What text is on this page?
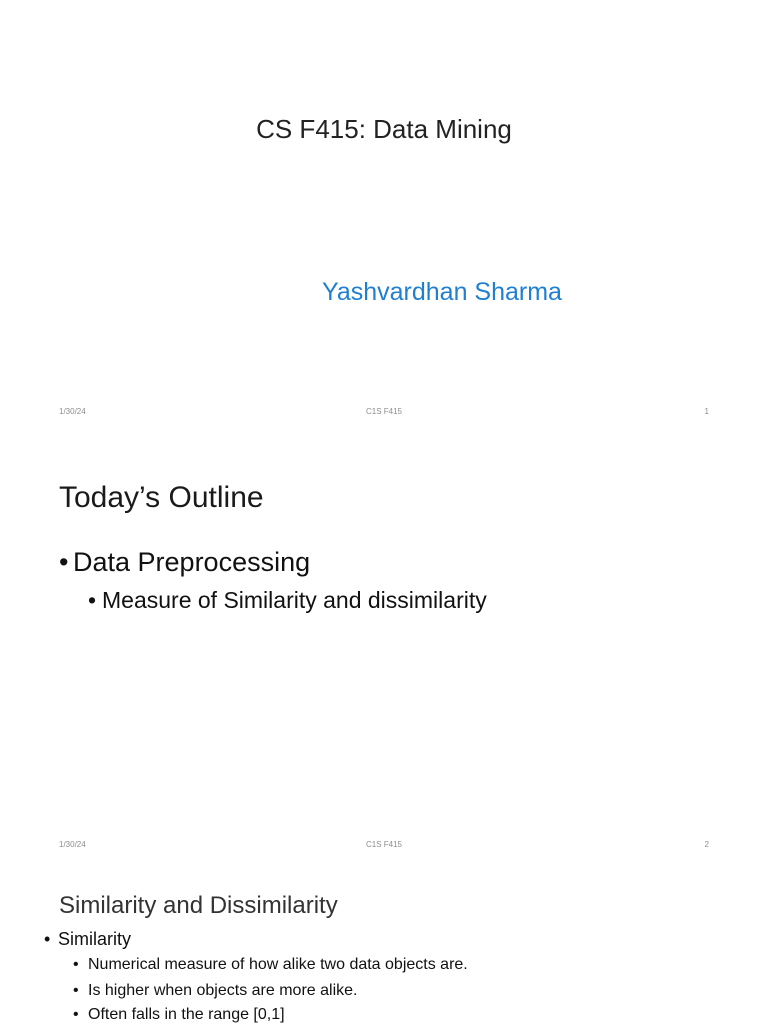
CS F415: Data Mining
Yashvardhan Sharma
1/30/24	C1S F415	1
Today’s Outline
• Data Preprocessing
• Measure of Similarity and dissimilarity
1/30/24	C1S F415	2
Similarity and Dissimilarity
• Similarity
• Numerical measure of how alike two data objects are.
• Is higher when objects are more alike.
• Often falls in the range [0,1]
